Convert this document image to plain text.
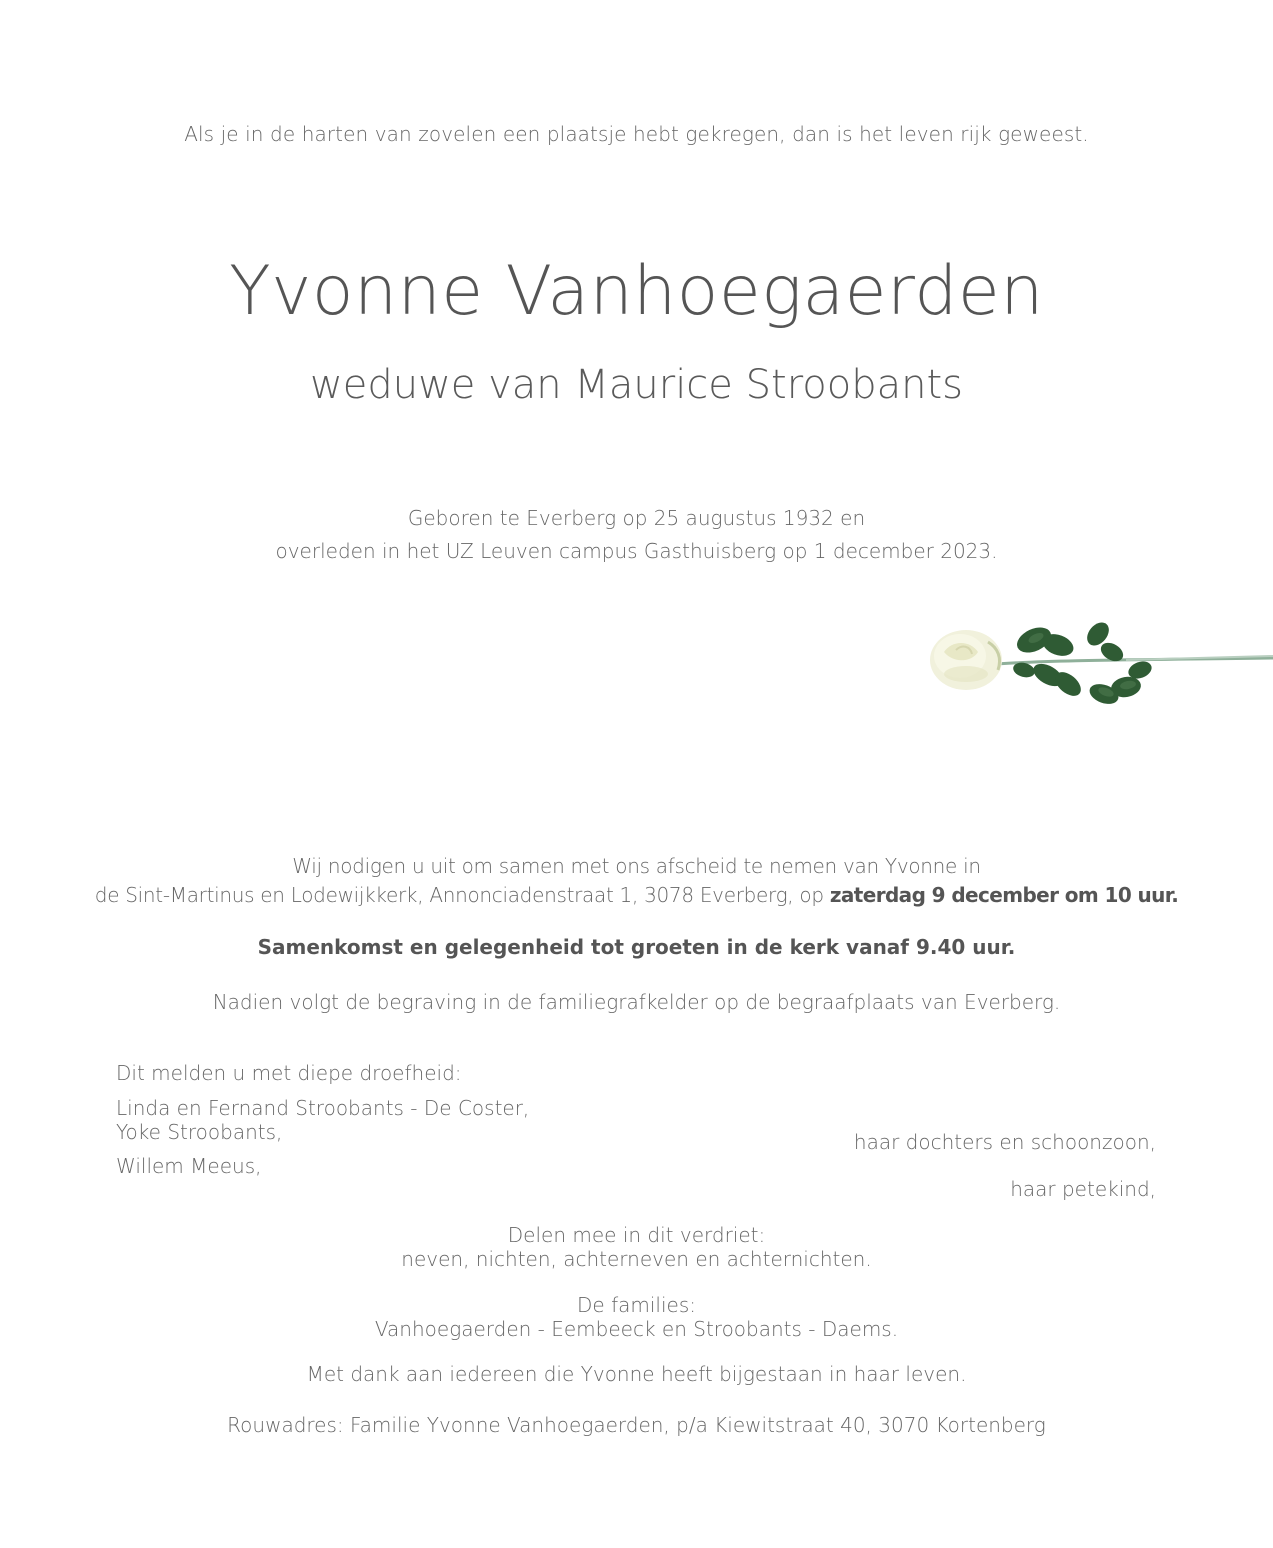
Als je in de harten van zovelen een plaatsje hebt gekregen, dan is het leven rijk geweest.
Yvonne Vanhoegaerden
weduwe van Maurice Stroobants
Geboren te Everberg op 25 augustus 1932 en
overleden in het UZ Leuven campus Gasthuisberg op 1 december 2023.
Wij nodigen u uit om samen met ons afscheid te nemen van Yvonne in
de Sint-Martinus en Lodewijkkerk, Annonciadenstraat 1, 3078 Everberg, op zaterdag 9 december om 10 uur.
Samenkomst en gelegenheid tot groeten in de kerk vanaf 9.40 uur.
Nadien volgt de begraving in de familiegrafkelder op de begraafplaats van Everberg.
Dit melden u met diepe droefheid:
Linda en Fernand Stroobants - De Coster,
Yoke Stroobants,
Willem Meeus,
haar dochters en schoonzoon,
haar petekind,
Delen mee in dit verdriet:
neven, nichten, achterneven en achternichten.
De families:
Vanhoegaerden - Eembeeck en Stroobants - Daems.
Met dank aan iedereen die Yvonne heeft bijgestaan in haar leven.
Rouwadres: Familie Yvonne Vanhoegaerden, p/a Kiewitstraat 40, 3070 Kortenberg
